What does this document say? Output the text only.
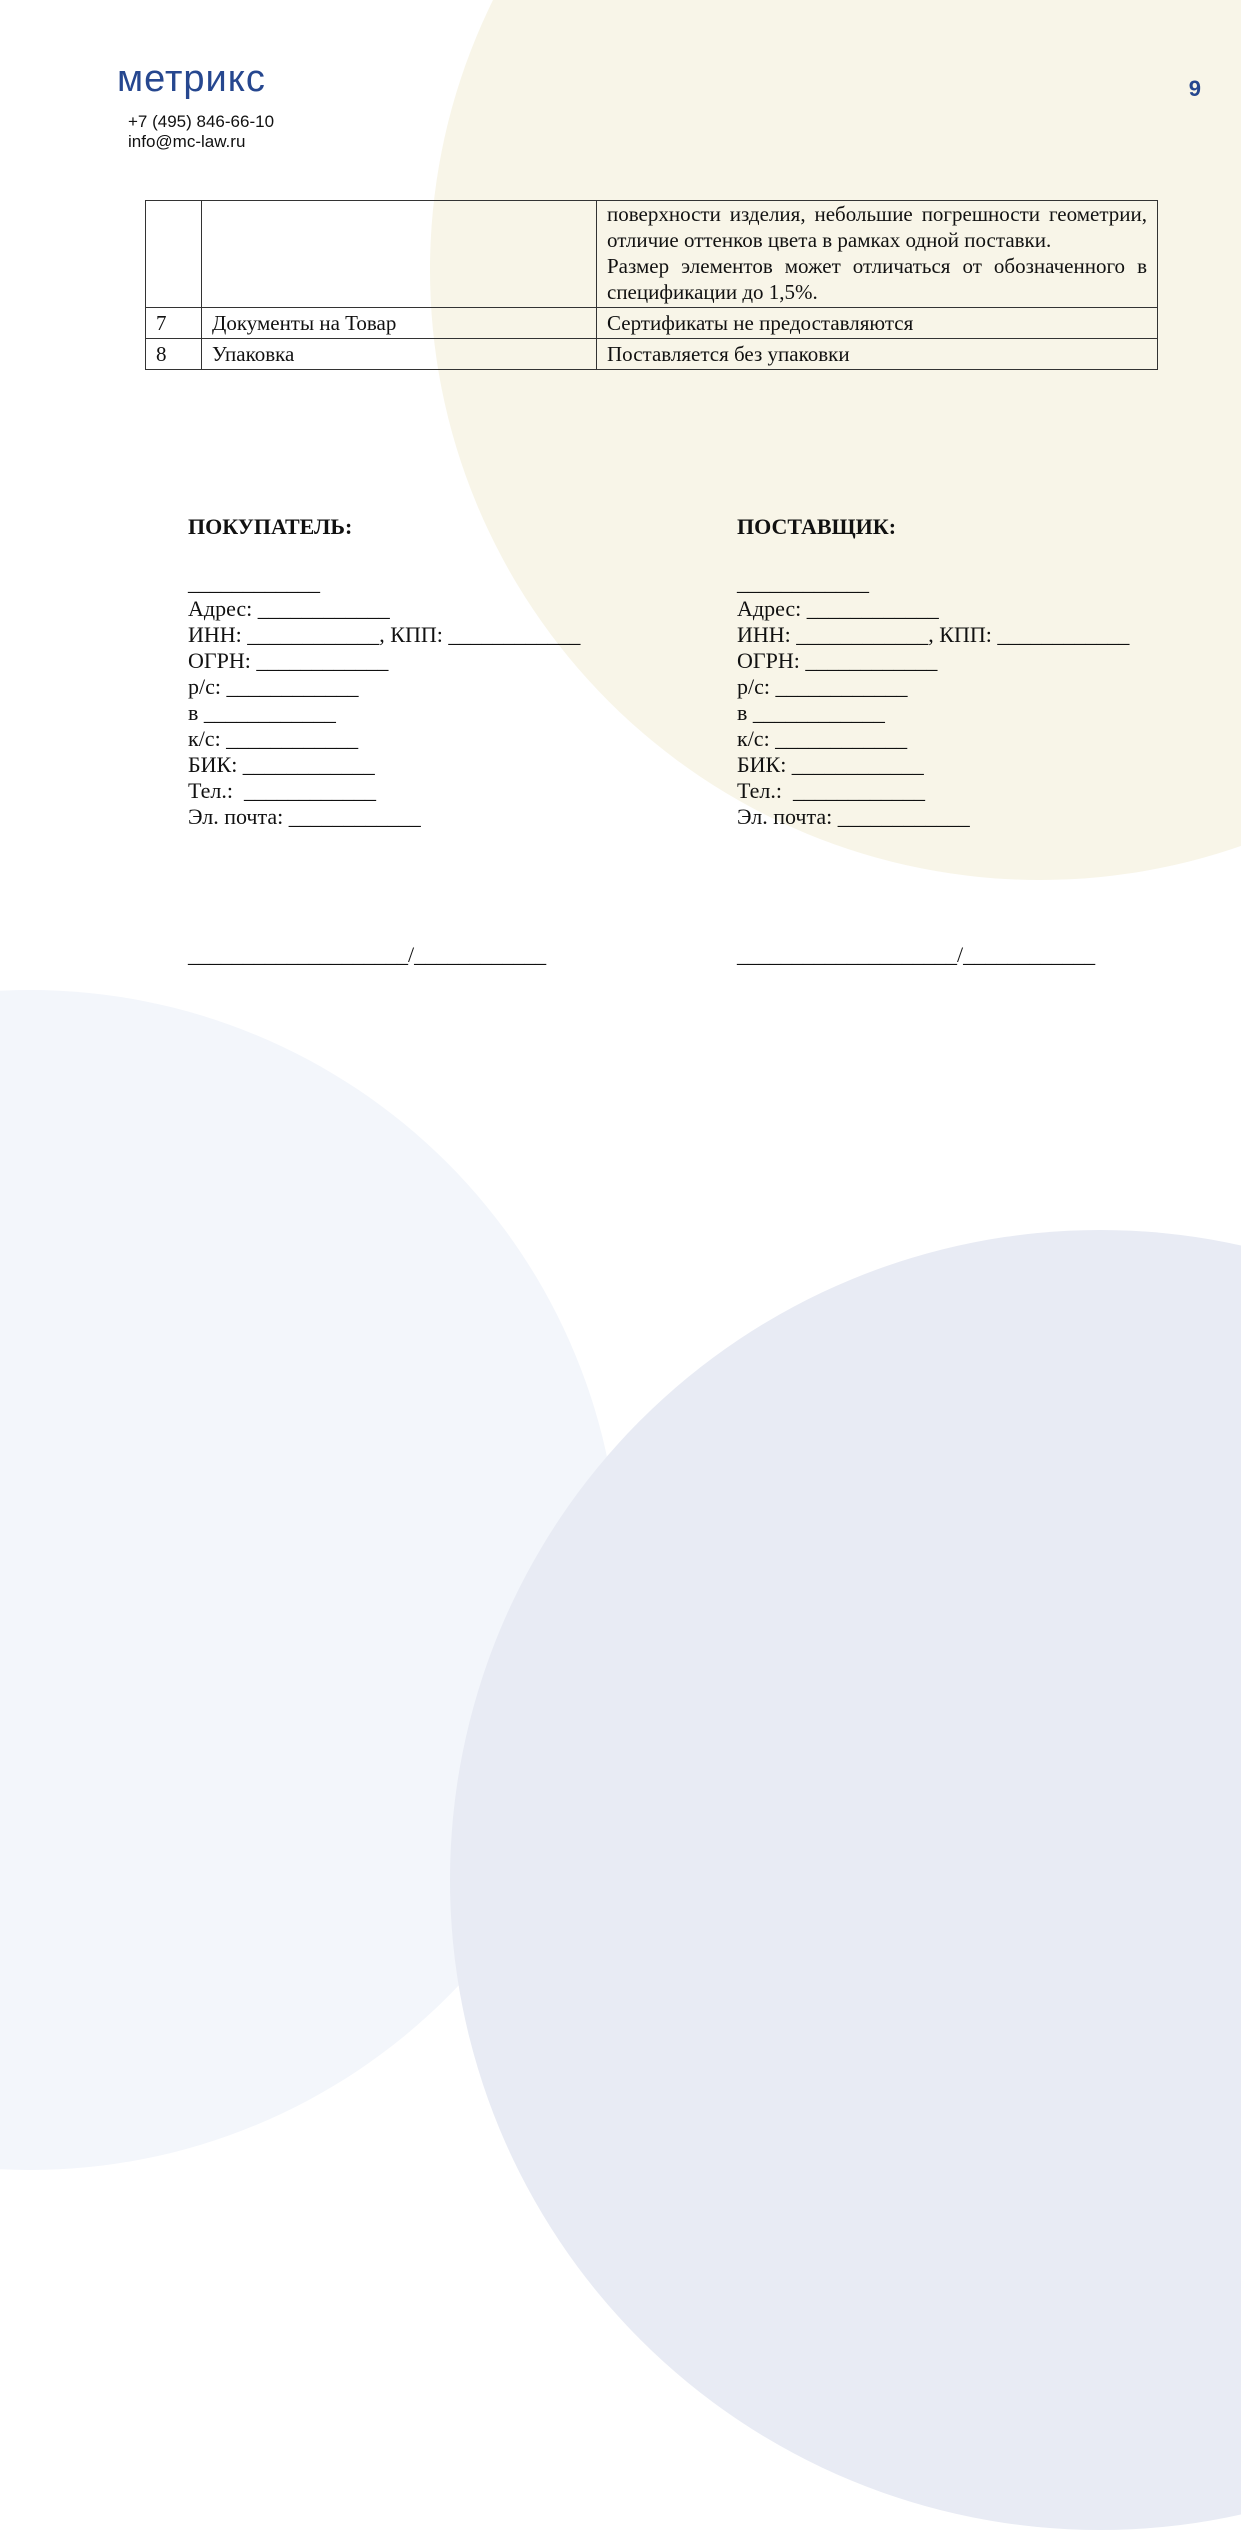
метрикс
+7 (495) 846-66-10
info@mc-law.ru
9

		поверхности изделия, небольшие погрешности геометрии, отличие оттенков цвета в рамках одной поставки.
Размер элементов может отличаться от обозначенного в спецификации до 1,5%.

7	Документы на Товар	Сертификаты не предоставляются

8	Упаковка	Поставляется без упаковки
ПОКУПАТЕЛЬ:
____________
Адрес: ____________
ИНН: ____________, КПП: ____________
ОГРН: ____________
р/с: ____________
в ____________
к/с: ____________
БИК: ____________
Тел.:  ____________
Эл. почта: ____________
ПОСТАВЩИК:
____________
Адрес: ____________
ИНН: ____________, КПП: ____________
ОГРН: ____________
р/с: ____________
в ____________
к/с: ____________
БИК: ____________
Тел.:  ____________
Эл. почта: ____________
____________________/____________	____________________/____________
